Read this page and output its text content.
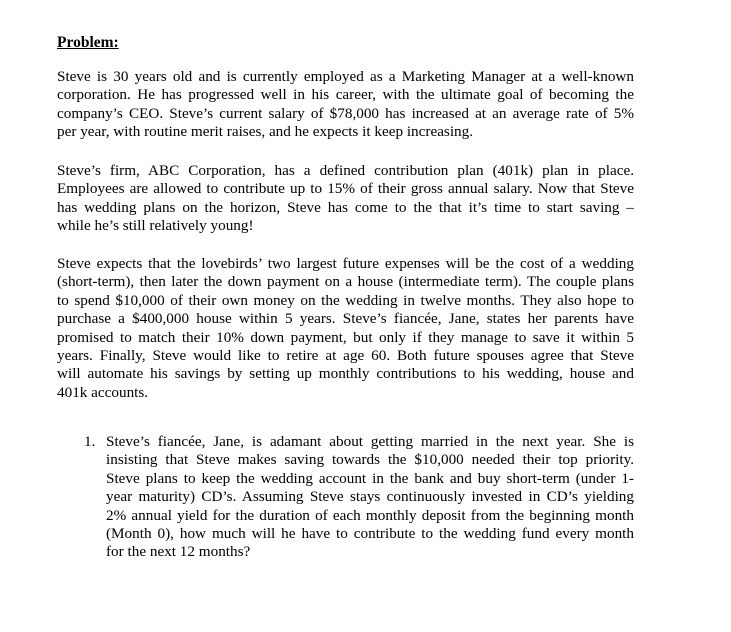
Problem:
Steve is 30 years old and is currently employed as a Marketing Manager at a well-known
corporation. He has progressed well in his career, with the ultimate goal of becoming the
company’s CEO. Steve’s current salary of $78,000 has increased at an average rate of 5%
per year, with routine merit raises, and he expects it keep increasing.
Steve’s firm, ABC Corporation, has a defined contribution plan (401k) plan in place.
Employees are allowed to contribute up to 15% of their gross annual salary. Now that Steve
has wedding plans on the horizon, Steve has come to the that it’s time to start saving –
while he’s still relatively young!
Steve expects that the lovebirds’ two largest future expenses will be the cost of a wedding
(short-term), then later the down payment on a house (intermediate term). The couple plans
to spend $10,000 of their own money on the wedding in twelve months. They also hope to
purchase a $400,000 house within 5 years. Steve’s fiancée, Jane, states her parents have
promised to match their 10% down payment, but only if they manage to save it within 5
years. Finally, Steve would like to retire at age 60. Both future spouses agree that Steve
will automate his savings by setting up monthly contributions to his wedding, house and
401k accounts.
1. Steve’s fiancée, Jane, is adamant about getting married in the next year. She is
insisting that Steve makes saving towards the $10,000 needed their top priority.
Steve plans to keep the wedding account in the bank and buy short-term (under 1-
year maturity) CD’s. Assuming Steve stays continuously invested in CD’s yielding
2% annual yield for the duration of each monthly deposit from the beginning month
(Month 0), how much will he have to contribute to the wedding fund every month
for the next 12 months?
